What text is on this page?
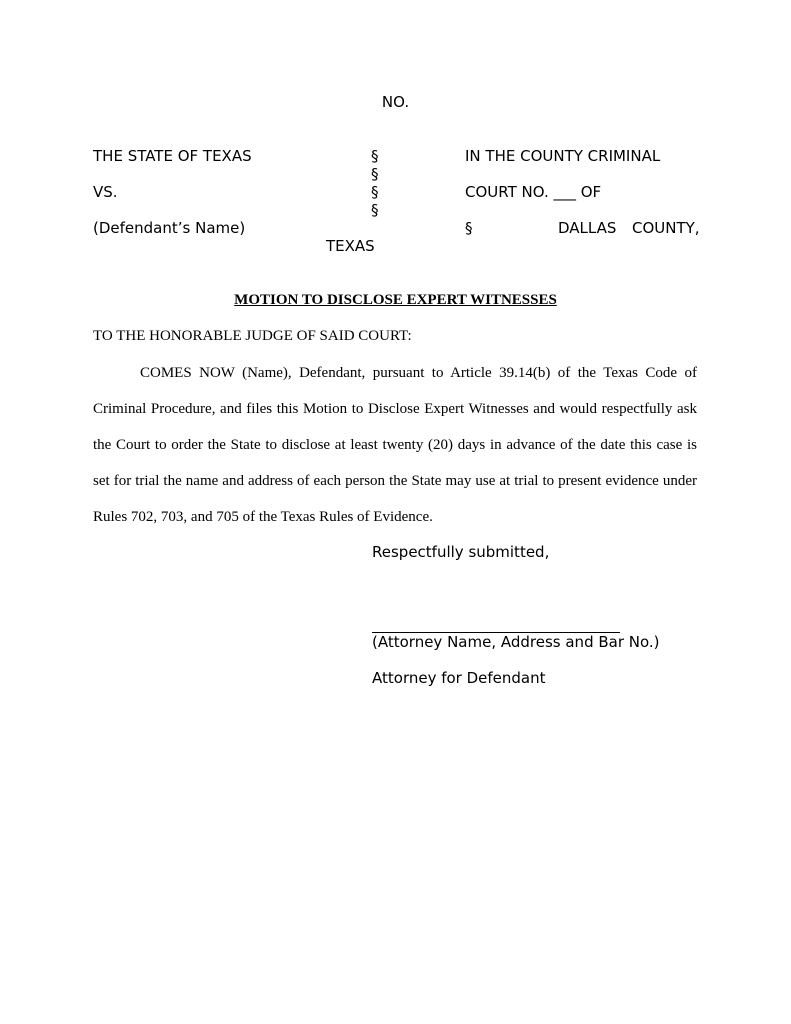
NO.
THE STATE OF TEXAS
VS.
(Defendant’s Name)
§
§
§
§
§
IN THE COUNTY CRIMINAL
COURT NO. ___ OF
DALLAS COUNTY,
TEXAS
MOTION TO DISCLOSE EXPERT WITNESSES
TO THE HONORABLE JUDGE OF SAID COURT:

COMES NOW (Name), Defendant, pursuant to Article 39.14(b) of the Texas Code of Criminal Procedure, and files this Motion to Disclose Expert Witnesses and would respectfully ask the Court to order the State to disclose at least twenty (20) days in advance of the date this case is set for trial the name and address of each person the State may use at trial to present evidence under Rules 702, 703, and 705 of the Texas Rules of Evidence.

Respectfully submitted,
(Attorney Name, Address and Bar No.)
Attorney for Defendant
